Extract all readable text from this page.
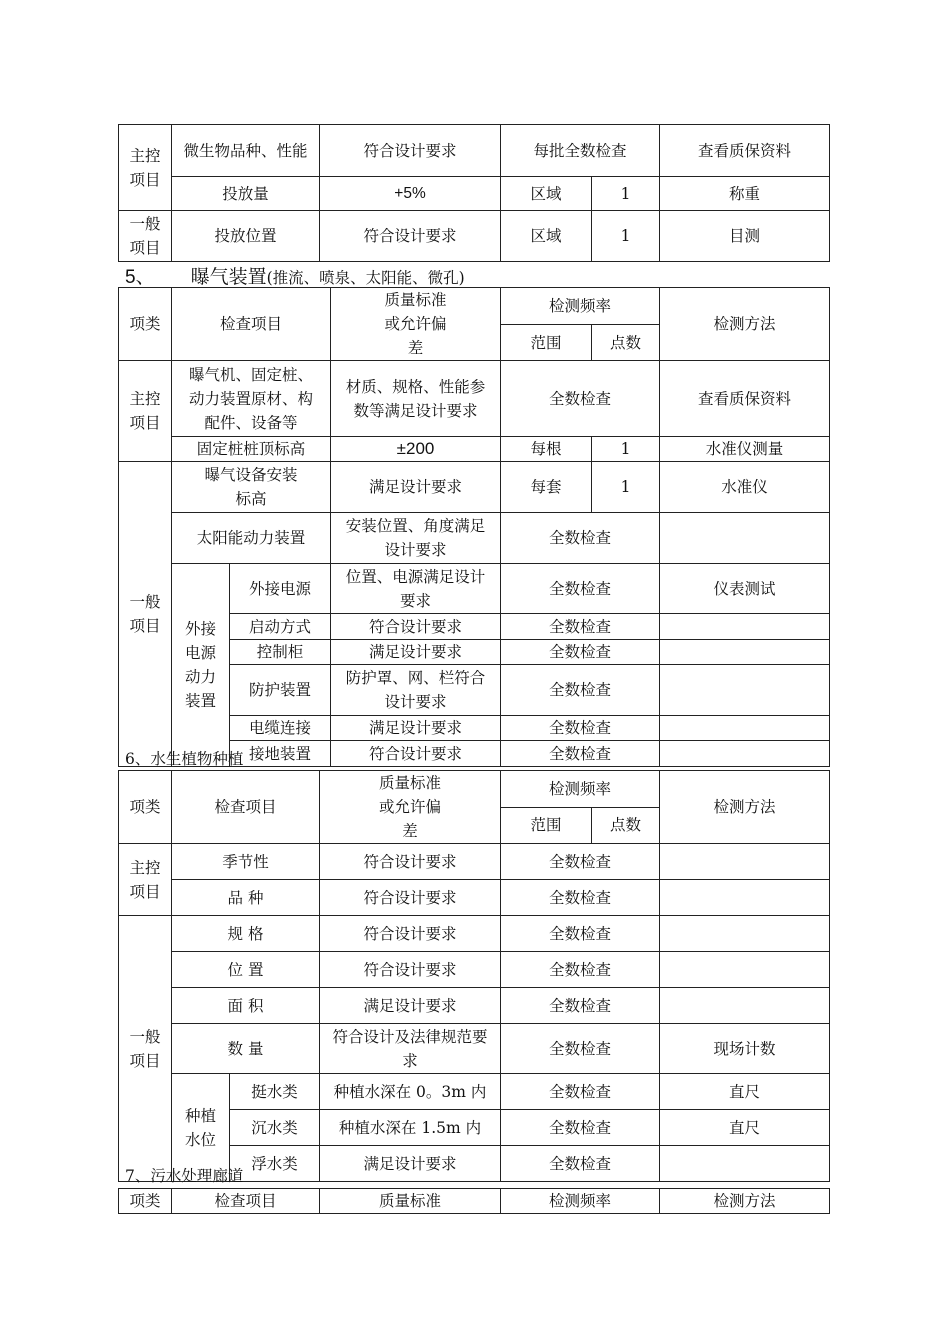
主控项目	微生物品种、性能	符合设计要求	每批全数检查		查看质保资料
	投放量	+5%	区域	1	称重
一般项目	投放位置	符合设计要求	区域	1	目测
5、 曝气装置(推流、喷泉、太阳能、微孔)
项类	检查项目		质量标准或允许偏差	检测频率		检测方法
				范围	点数	
主控项目	曝气机、固定桩、动力装置原材、构配件、设备等		材质、规格、性能参数等满足设计要求	全数检查		查看质保资料
	固定桩桩顶标高		±200	每根	1	水准仪测量
一般项目	曝气设备安装标高		满足设计要求	每套	1	水准仪
	太阳能动力装置		安装位置、角度满足设计要求	全数检查		
	外接电源动力装置	外接电源	位置、电源满足设计要求	全数检查		仪表测试
		启动方式	符合设计要求	全数检查		
		控制柜	满足设计要求	全数检查		
		防护装置	防护罩、网、栏符合设计要求	全数检查		
		电缆连接	满足设计要求	全数检查		
		接地装置	符合设计要求	全数检查		
6、水生植物种植
项类	检查项目		质量标准或允许偏差	检测频率		检测方法
				范围	点数	
主控项目	季节性		符合设计要求	全数检查		
	品 种		符合设计要求	全数检查		
一般项目	规 格		符合设计要求	全数检查		
	位 置		符合设计要求	全数检查		
	面 积		满足设计要求	全数检查		
	数 量		符合设计及法律规范要求	全数检查		现场计数
	种植水位	挺水类	种植水深在 0。3m 内	全数检查		直尺
		沉水类	种植水深在 1.5m 内	全数检查		直尺
		浮水类	满足设计要求	全数检查		
7、污水处理廊道
项类	检查项目	质量标准	检测频率	检测方法
